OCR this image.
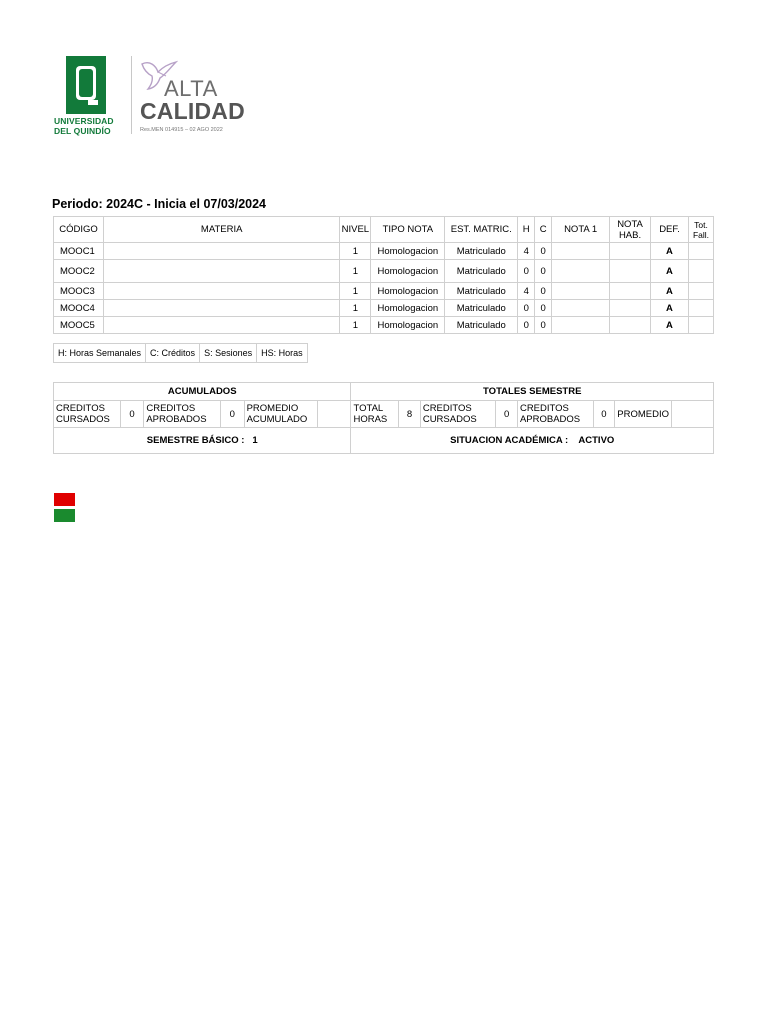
UNIVERSIDAD
DEL QUINDÍO
ALTA
CALIDAD
Res.MEN 014915 – 02 AGO 2022
Periodo: 2024C - Inicia el 07/03/2024
CÓDIGO	MATERIA	NIVEL	TIPO NOTA	EST. MATRIC.	H	C	NOTA 1	NOTA HAB.	DEF.	Tot. Fall.
MOOC1		1	Homologacion	Matriculado	4	0			A	
MOOC2		1	Homologacion	Matriculado	0	0			A	
MOOC3		1	Homologacion	Matriculado	4	0			A	
MOOC4		1	Homologacion	Matriculado	0	0			A	
MOOC5		1	Homologacion	Matriculado	0	0			A	
H: Horas Semanales	C: Créditos	S: Sesiones	HS: Horas
ACUMULADOS						TOTALES SEMESTRE							
CREDITOS CURSADOS	0	CREDITOS APROBADOS	0	PROMEDIO ACUMULADO		TOTAL HORAS	8	CREDITOS CURSADOS	0	CREDITOS APROBADOS	0	PROMEDIO	
SEMESTRE BÁSICO :   1						SITUACION ACADÉMICA :    ACTIVO							
